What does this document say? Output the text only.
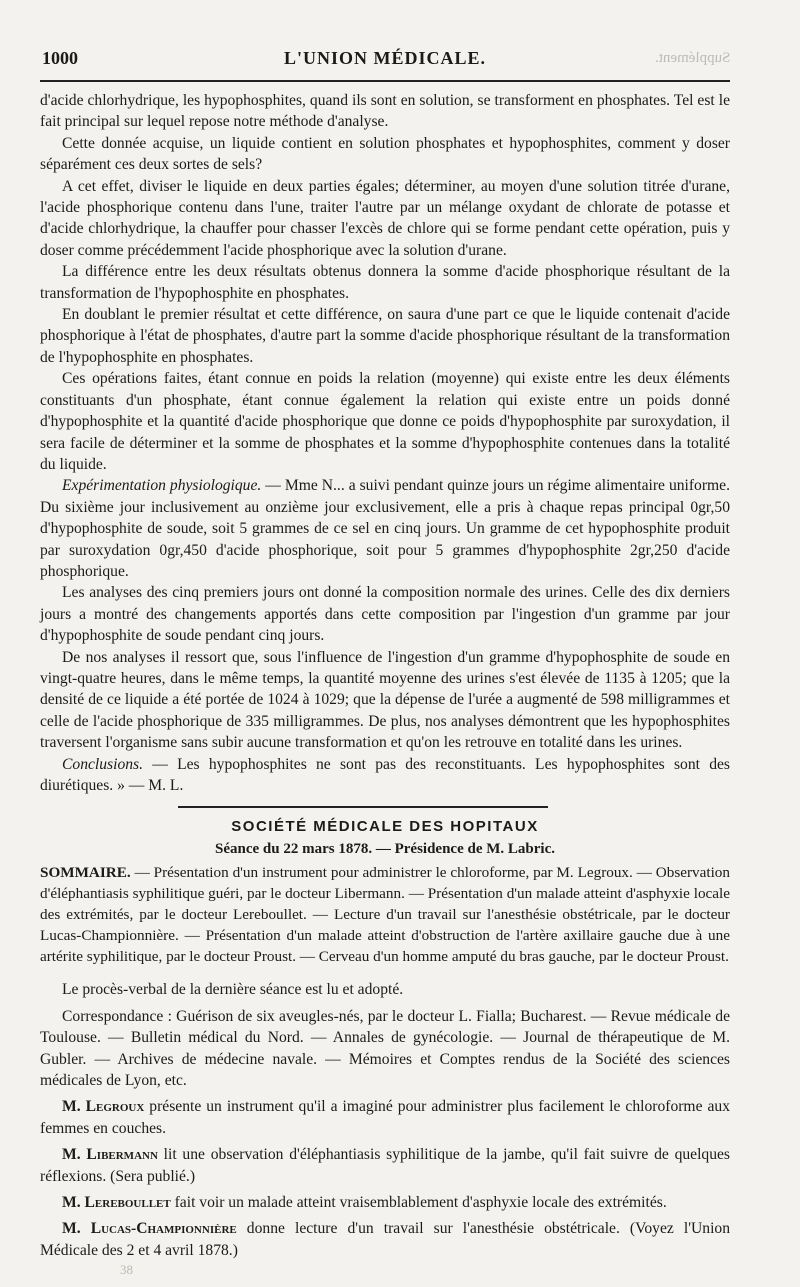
1000	L'UNION MÉDICALE.	Supplément.

d'acide chlorhydrique, les hypophosphites, quand ils sont en solution, se transforment en phosphates. Tel est le fait principal sur lequel repose notre méthode d'analyse.

Cette donnée acquise, un liquide contient en solution phosphates et hypophosphites, comment y doser séparément ces deux sortes de sels?

A cet effet, diviser le liquide en deux parties égales; déterminer, au moyen d'une solution titrée d'urane, l'acide phosphorique contenu dans l'une, traiter l'autre par un mélange oxydant de chlorate de potasse et d'acide chlorhydrique, la chauffer pour chasser l'excès de chlore qui se forme pendant cette opération, puis y doser comme précédemment l'acide phosphorique avec la solution d'urane.

La différence entre les deux résultats obtenus donnera la somme d'acide phosphorique résultant de la transformation de l'hypophosphite en phosphates.

En doublant le premier résultat et cette différence, on saura d'une part ce que le liquide contenait d'acide phosphorique à l'état de phosphates, d'autre part la somme d'acide phosphorique résultant de la transformation de l'hypophosphite en phosphates.

Ces opérations faites, étant connue en poids la relation (moyenne) qui existe entre les deux éléments constituants d'un phosphate, étant connue également la relation qui existe entre un poids donné d'hypophosphite et la quantité d'acide phosphorique que donne ce poids d'hypophosphite par suroxydation, il sera facile de déterminer et la somme de phosphates et la somme d'hypophosphite contenues dans la totalité du liquide.

Expérimentation physiologique. — Mme N... a suivi pendant quinze jours un régime alimentaire uniforme. Du sixième jour inclusivement au onzième jour exclusivement, elle a pris à chaque repas principal 0gr,50 d'hypophosphite de soude, soit 5 grammes de ce sel en cinq jours. Un gramme de cet hypophosphite produit par suroxydation 0gr,450 d'acide phosphorique, soit pour 5 grammes d'hypophosphite 2gr,250 d'acide phosphorique.

Les analyses des cinq premiers jours ont donné la composition normale des urines. Celle des dix derniers jours a montré des changements apportés dans cette composition par l'ingestion d'un gramme par jour d'hypophosphite de soude pendant cinq jours.

De nos analyses il ressort que, sous l'influence de l'ingestion d'un gramme d'hypophosphite de soude en vingt-quatre heures, dans le même temps, la quantité moyenne des urines s'est élevée de 1135 à 1205; que la densité de ce liquide a été portée de 1024 à 1029; que la dépense de l'urée a augmenté de 598 milligrammes et celle de l'acide phosphorique de 335 milligrammes. De plus, nos analyses démontrent que les hypophosphites traversent l'organisme sans subir aucune transformation et qu'on les retrouve en totalité dans les urines.

Conclusions. — Les hypophosphites ne sont pas des reconstituants. Les hypophosphites sont des diurétiques. » — M. L.

SOCIÉTÉ MÉDICALE DES HOPITAUX
Séance du 22 mars 1878. — Présidence de M. Labric.
SOMMAIRE. — Présentation d'un instrument pour administrer le chloroforme, par M. Legroux. — Observation d'éléphantiasis syphilitique guéri, par le docteur Libermann. — Présentation d'un malade atteint d'asphyxie locale des extrémités, par le docteur Lereboullet. — Lecture d'un travail sur l'anesthésie obstétricale, par le docteur Lucas-Championnière. — Présentation d'un malade atteint d'obstruction de l'artère axillaire gauche due à une artérite syphilitique, par le docteur Proust. — Cerveau d'un homme amputé du bras gauche, par le docteur Proust.

Le procès-verbal de la dernière séance est lu et adopté.

Correspondance : Guérison de six aveugles-nés, par le docteur L. Fialla; Bucharest. — Revue médicale de Toulouse. — Bulletin médical du Nord. — Annales de gynécologie. — Journal de thérapeutique de M. Gubler. — Archives de médecine navale. — Mémoires et Comptes rendus de la Société des sciences médicales de Lyon, etc.

M. Legroux présente un instrument qu'il a imaginé pour administrer plus facilement le chloroforme aux femmes en couches.

M. Libermann lit une observation d'éléphantiasis syphilitique de la jambe, qu'il fait suivre de quelques réflexions. (Sera publié.)

M. Lereboullet fait voir un malade atteint vraisemblablement d'asphyxie locale des extrémités.

M. Lucas-Championnière donne lecture d'un travail sur l'anesthésie obstétricale. (Voyez l'Union Médicale des 2 et 4 avril 1878.)

38
